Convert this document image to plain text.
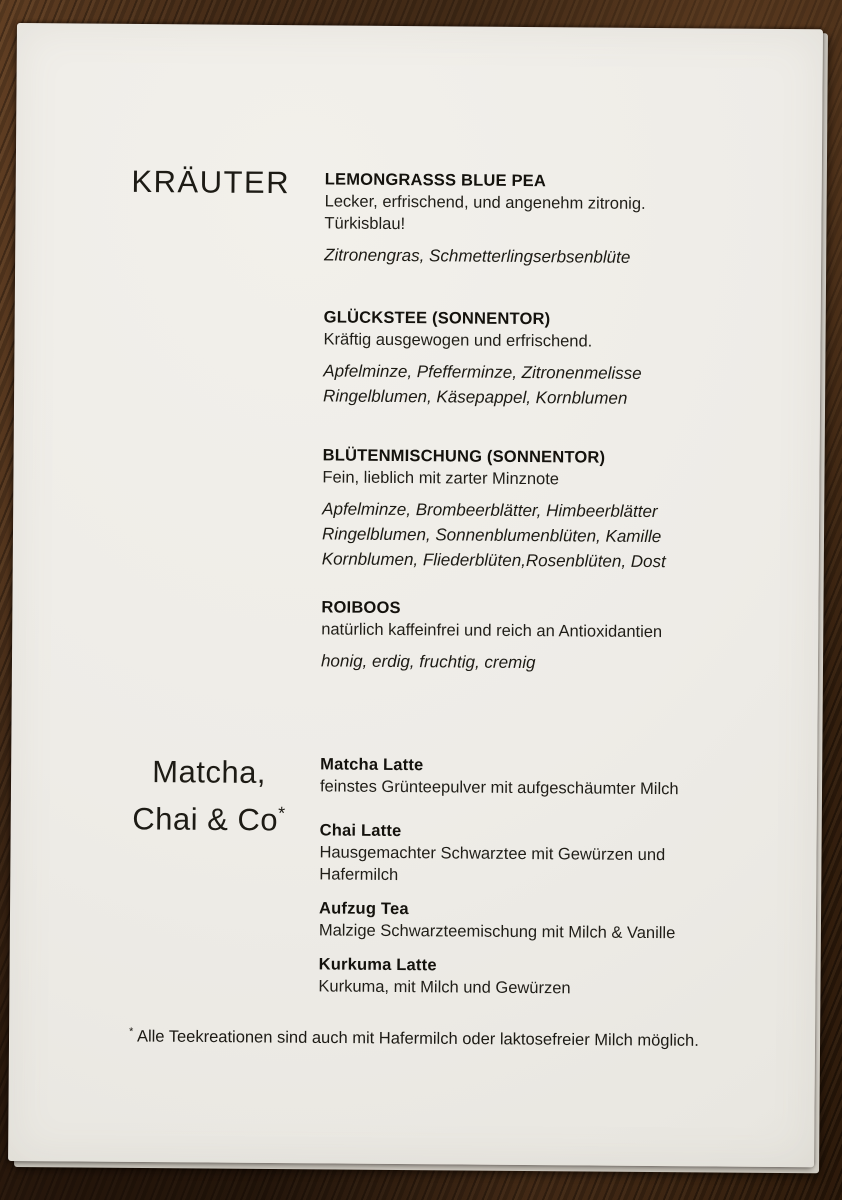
KRÄUTER	LEMONGRASSS BLUE PEA
Lecker, erfrischend, und angenehm zitronig.
Türkisblau!
Zitronengras, Schmetterlingserbsenblüte
GLÜCKSTEE (SONNENTOR)
Kräftig ausgewogen und erfrischend.
Apfelminze, Pfefferminze, Zitronenmelisse
Ringelblumen, Käsepappel, Kornblumen
BLÜTENMISCHUNG (SONNENTOR)
Fein, lieblich mit zarter Minznote
Apfelminze, Brombeerblätter, Himbeerblätter
Ringelblumen, Sonnenblumenblüten, Kamille
Kornblumen, Fliederblüten,Rosenblüten, Dost
ROIBOOS
natürlich kaffeinfrei und reich an Antioxidantien
honig, erdig, fruchtig, cremig
Matcha,
Chai & Co*
Matcha Latte
feinstes Grünteepulver mit aufgeschäumter Milch
Chai Latte
Hausgemachter Schwarztee mit Gewürzen und
Hafermilch
Aufzug Tea
Malzige Schwarzteemischung mit Milch & Vanille
Kurkuma Latte
Kurkuma, mit Milch und Gewürzen
* Alle Teekreationen sind auch mit Hafermilch oder laktosefreier Milch möglich.
